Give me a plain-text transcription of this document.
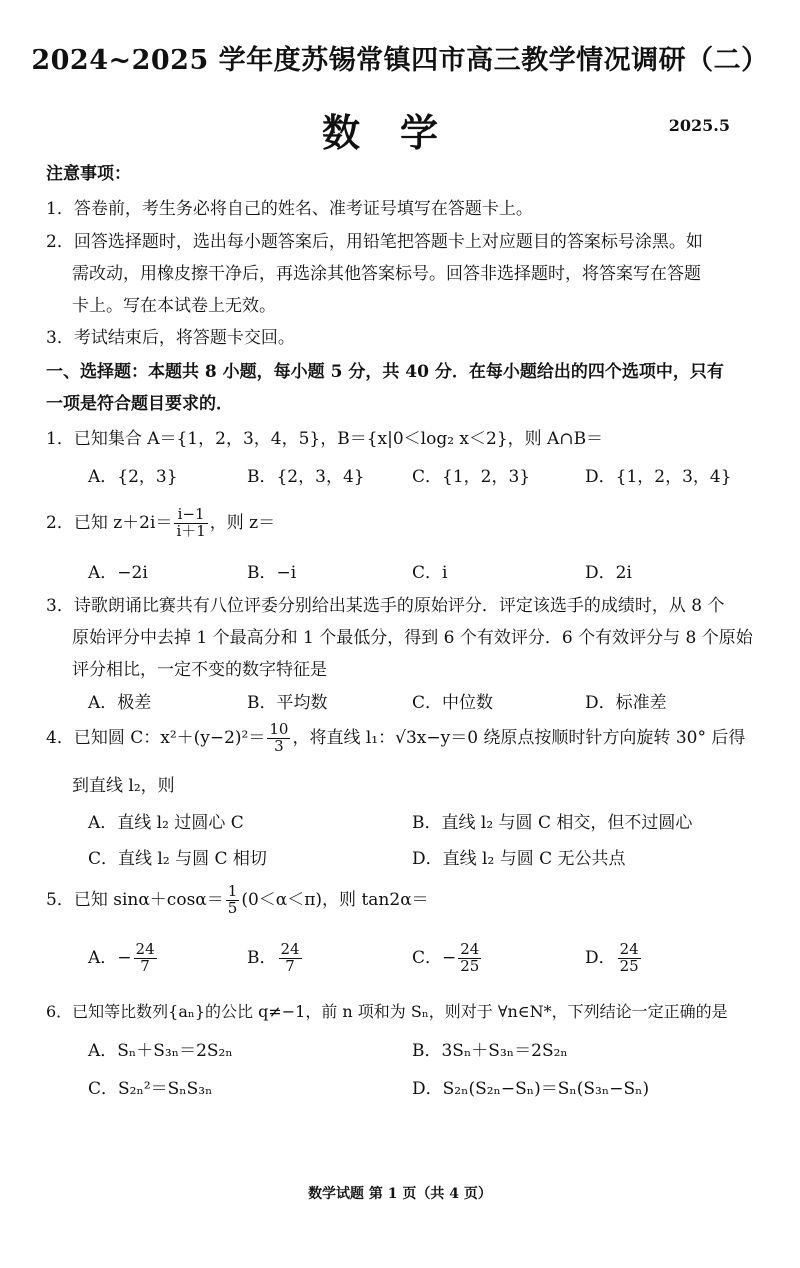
2024~2025 学年度苏锡常镇四市高三教学情况调研（二）
数学	2025.5
注意事项：
1．答卷前，考生务必将自己的姓名、准考证号填写在答题卡上。
2．回答选择题时，选出每小题答案后，用铅笔把答题卡上对应题目的答案标号涂黑。如
需改动，用橡皮擦干净后，再选涂其他答案标号。回答非选择题时，将答案写在答题
卡上。写在本试卷上无效。
3．考试结束后，将答题卡交回。
一、选择题：本题共 8 小题，每小题 5 分，共 40 分．在每小题给出的四个选项中，只有
一项是符合题目要求的．
1．已知集合 A＝{1，2，3，4，5}，B＝{x|0＜log₂ x＜2}，则 A∩B＝
A．{2，3}	B．{2，3，4}	C．{1，2，3}	D．{1，2，3，4}
2．已知 $z+2i= \frac{i-1}{i+1}$ ，则 z＝
A．−2i	B．−i	C．i	D．2i
3．诗歌朗诵比赛共有八位评委分别给出某选手的原始评分．评定该选手的成绩时，从 8 个
原始评分中去掉 1 个最高分和 1 个最低分，得到 6 个有效评分．6 个有效评分与 8 个原始
评分相比，一定不变的数字特征是
A．极差	B．平均数	C．中位数	D．标准差
4．已知圆 C：$x^2+(y-2)^2= \frac{10}{3}$ ，将直线 l₁：√3x−y＝0 绕原点按顺时针方向旋转 30° 后得
到直线 l₂，则
A．直线 l₂ 过圆心 C	B．直线 l₂ 与圆 C 相交，但不过圆心
C．直线 l₂ 与圆 C 相切	D．直线 l₂ 与圆 C 无公共点
5．已知 $\sin\alpha+\cos\alpha= \frac{1}{5} (0<\alpha<\pi)$，则 tan2α＝
A．− $\frac{24}{7}$	B． $\frac{24}{7}$	C．− $\frac{24}{25}$	D． $\frac{24}{25}$
6．已知等比数列{aₙ}的公比 q≠−1，前 n 项和为 Sₙ，则对于 ∀n∈N*，下列结论一定正确的是
A．Sₙ＋S₃ₙ＝2S₂ₙ	B．3Sₙ＋S₃ₙ＝2S₂ₙ
C．S₂ₙ²＝SₙS₃ₙ	D．S₂ₙ(S₂ₙ−Sₙ)＝Sₙ(S₃ₙ−Sₙ)
数学试题 第 1 页（共 4 页）
